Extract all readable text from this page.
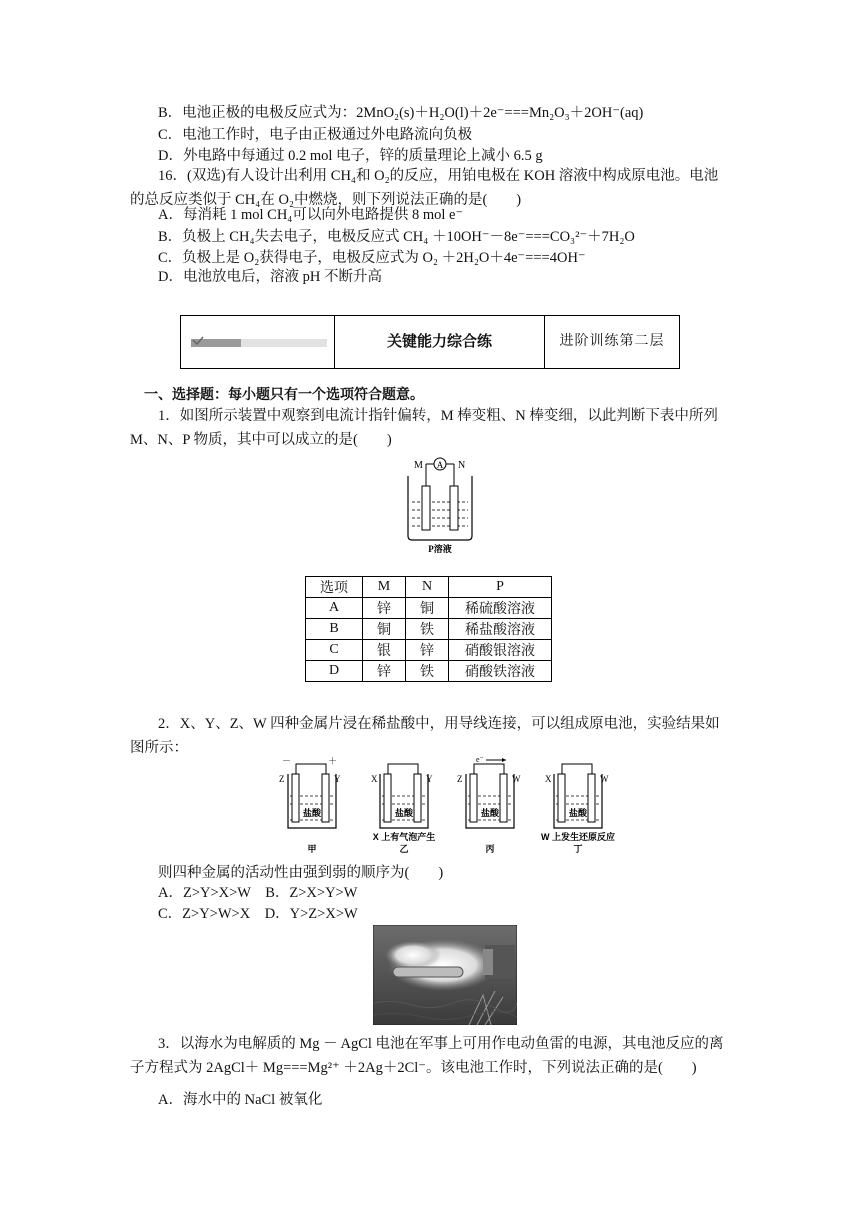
B．电池正极的电极反应式为：2MnO₂(s)＋H₂O(l)＋2e⁻===Mn₂O₃＋2OH⁻(aq)
C．电池工作时，电子由正极通过外电路流向负极
D．外电路中每通过 0.2 mol 电子，锌的质量理论上减小 6.5 g
16．(双选)有人设计出利用 CH₄和 O₂的反应，用铂电极在 KOH 溶液中构成原电池。电池的总反应类似于 CH₄在 O₂中燃烧，则下列说法正确的是(　　)
A．每消耗 1 mol CH₄可以向外电路提供 8 mol e⁻
B．负极上 CH₄失去电子，电极反应式 CH₄ ＋10OH⁻－8e⁻===CO₃²⁻＋7H₂O
C．负极上是 O₂获得电子，电极反应式为 O₂ ＋2H₂O＋4e⁻===4OH⁻
D．电池放电后，溶液 pH 不断升高
关键能力综合练	进阶训练第二层
一、选择题：每小题只有一个选项符合题意。
1．如图所示装置中观察到电流计指针偏转，M 棒变粗、N 棒变细，以此判断下表中所列 M、N、P 物质，其中可以成立的是(　　)
A
M	N
P溶液
选项	M	N	P
A	锌	铜	稀硫酸溶液
B	铜	铁	稀盐酸溶液
C	银	锌	硝酸银溶液
D	锌	铁	硝酸铁溶液
2．X、Y、Z、W 四种金属片浸在稀盐酸中，用导线连接，可以组成原电池，实验结果如图所示：
－	＋
Z	Y
盐酸
甲
X	Y
盐酸
X 上有气泡产生
乙
e⁻
Z	W
盐酸
丙
X	W
盐酸
W 上发生还原反应
丁
则四种金属的活动性由强到弱的顺序为(　　)
A．Z>Y>X>W　B．Z>X>Y>W
C．Z>Y>W>X　D．Y>Z>X>W
3．以海水为电解质的 Mg － AgCl 电池在军事上可用作电动鱼雷的电源，其电池反应的离子方程式为 2AgCl＋ Mg===Mg²⁺ ＋2Ag＋2Cl⁻。该电池工作时，下列说法正确的是(　　)
A．海水中的 NaCl 被氧化
